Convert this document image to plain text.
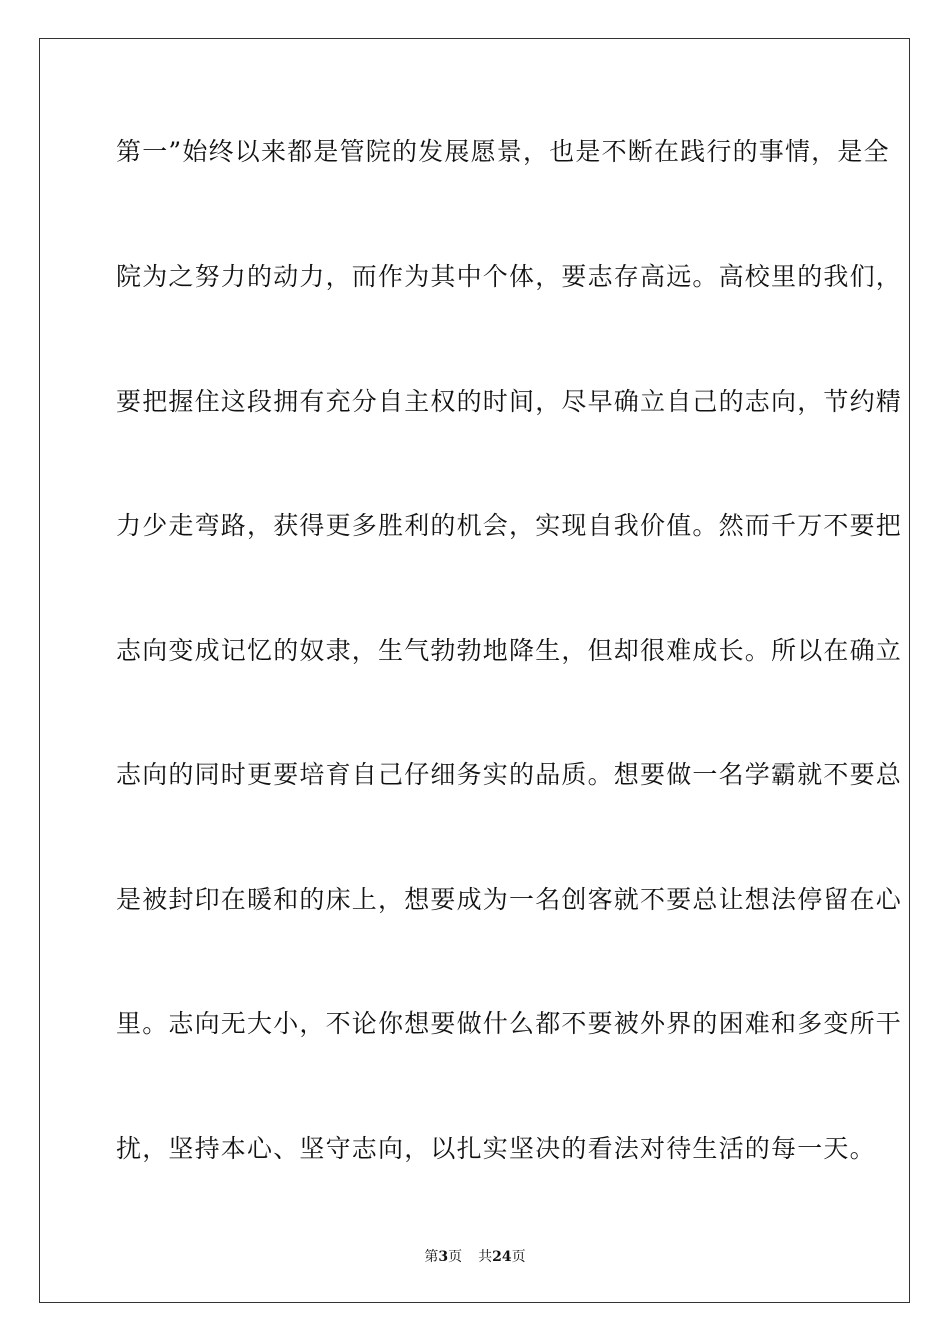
第一”始终以来都是管院的发展愿景，也是不断在践行的事情，是全
院为之努力的动力，而作为其中个体，要志存高远。高校里的我们，
要把握住这段拥有充分自主权的时间，尽早确立自己的志向，节约精
力少走弯路，获得更多胜利的机会，实现自我价值。然而千万不要把
志向变成记忆的奴隶，生气勃勃地降生，但却很难成长。所以在确立
志向的同时更要培育自己仔细务实的品质。想要做一名学霸就不要总
是被封印在暖和的床上，想要成为一名创客就不要总让想法停留在心
里。志向无大小，不论你想要做什么都不要被外界的困难和多变所干
扰，坚持本心、坚守志向，以扎实坚决的看法对待生活的每一天。
第3页 共24页
